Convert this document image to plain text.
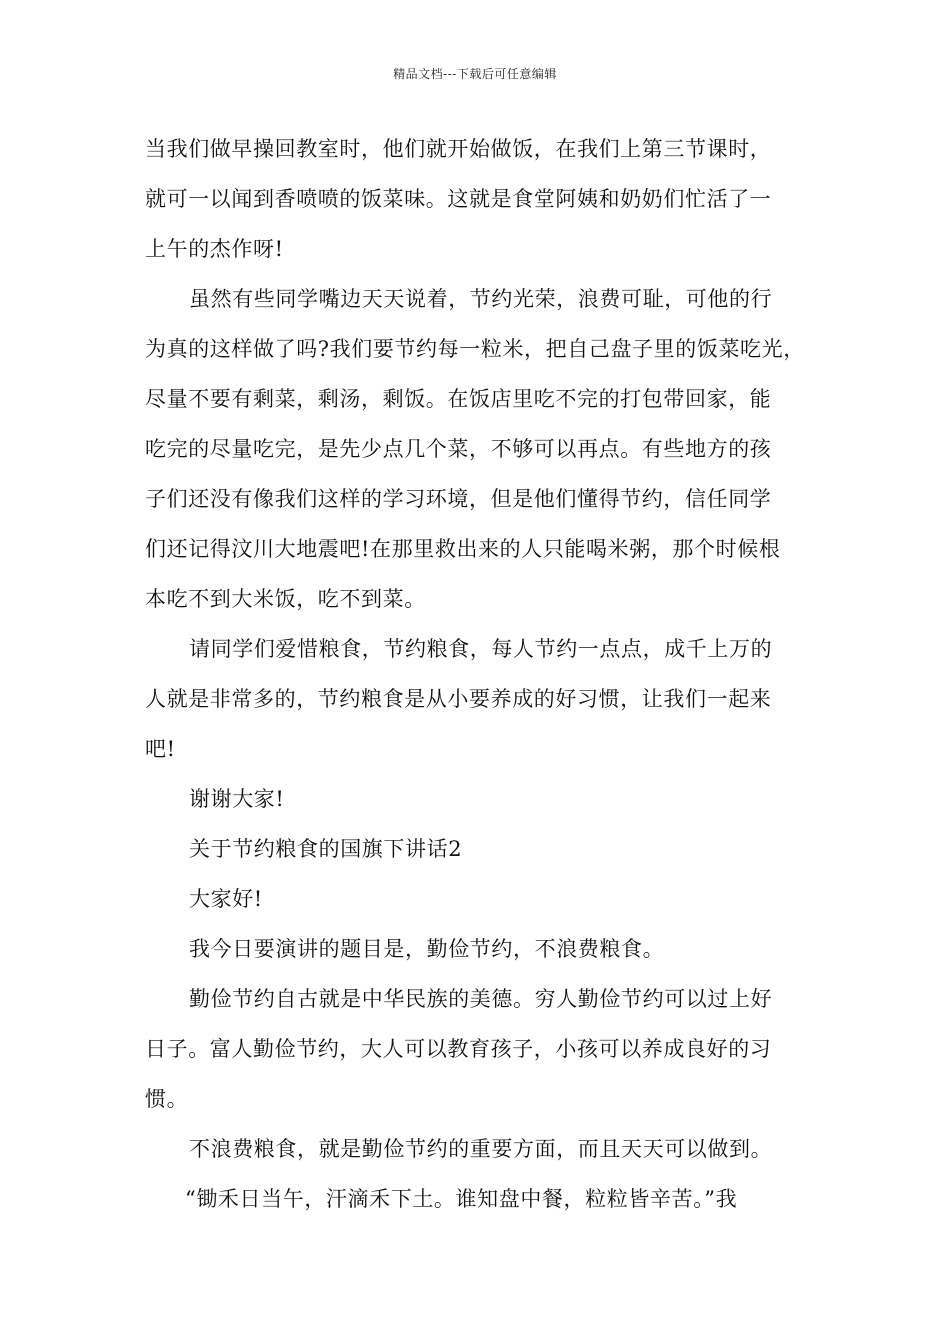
精品文档---下载后可任意编辑
当我们做早操回教室时，他们就开始做饭，在我们上第三节课时，
就可一以闻到香喷喷的饭菜味。这就是食堂阿姨和奶奶们忙活了一
上午的杰作呀!
虽然有些同学嘴边天天说着，节约光荣，浪费可耻，可他的行
为真的这样做了吗?我们要节约每一粒米，把自己盘子里的饭菜吃光，
尽量不要有剩菜，剩汤，剩饭。在饭店里吃不完的打包带回家，能
吃完的尽量吃完，是先少点几个菜，不够可以再点。有些地方的孩
子们还没有像我们这样的学习环境，但是他们懂得节约，信任同学
们还记得汶川大地震吧!在那里救出来的人只能喝米粥，那个时候根
本吃不到大米饭，吃不到菜。
请同学们爱惜粮食，节约粮食，每人节约一点点，成千上万的
人就是非常多的，节约粮食是从小要养成的好习惯，让我们一起来
吧!
谢谢大家!
关于节约粮食的国旗下讲话2
大家好!
我今日要演讲的题目是，勤俭节约，不浪费粮食。
勤俭节约自古就是中华民族的美德。穷人勤俭节约可以过上好
日子。富人勤俭节约，大人可以教育孩子，小孩可以养成良好的习
惯。
不浪费粮食，就是勤俭节约的重要方面，而且天天可以做到。
“锄禾日当午，汗滴禾下土。谁知盘中餐，粒粒皆辛苦。”我
